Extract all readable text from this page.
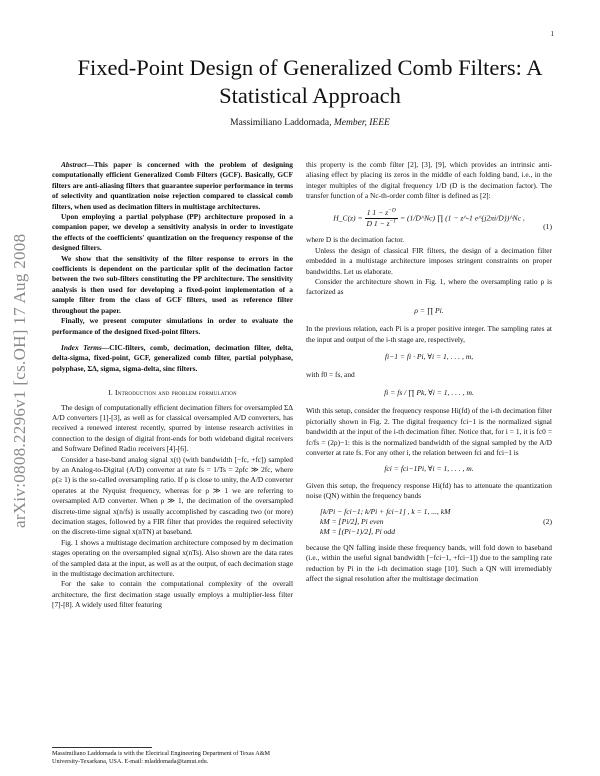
1
arXiv:0808.2296v1 [cs.OH] 17 Aug 2008
Fixed-Point Design of Generalized Comb Filters: A Statistical Approach
Massimiliano Laddomada, Member, IEEE

Abstract—This paper is concerned with the problem of designing computationally efficient Generalized Comb Filters (GCF). Basically, GCF filters are anti-aliasing filters that guarantee superior performance in terms of selectivity and quantization noise rejection compared to classical comb filters, when used as decimation filters in multistage architectures.

Upon employing a partial polyphase (PP) architecture proposed in a companion paper, we develop a sensitivity analysis in order to investigate the effects of the coefficients' quantization on the frequency response of the designed filters.

We show that the sensitivity of the filter response to errors in the coefficients is dependent on the particular split of the decimation factor between the two sub-filters constituting the PP architecture. The sensitivity analysis is then used for developing a fixed-point implementation of a sample filter from the class of GCF filters, used as reference filter throughout the paper.

Finally, we present computer simulations in order to evaluate the performance of the designed fixed-point filters.

Index Terms—CIC-filters, comb, decimation, decimation filter, delta, delta-sigma, fixed-point, GCF, generalized comb filter, partial polyphase, polyphase, ΣΔ, sigma, sigma-delta, sinc filters.

I. Introduction and problem formulation

The design of computationally efficient decimation filters for oversampled ΣΔ A/D converters [1]-[3], as well as for classical oversampled A/D converters, has received a renewed interest recently, spurred by intense research activities in connection to the design of digital front-ends for both wideband digital receivers and Software Defined Radio receivers [4]-[6].

Consider a base-band analog signal x(t) (with bandwidth [−fc, +fc]) sampled by an Analog-to-Digital (A/D) converter at rate fs = 1/Ts = 2ρfc ≫ 2fc, where ρ(≥ 1) is the so-called oversampling ratio. If ρ is close to unity, the A/D converter operates at the Nyquist frequency, whereas for ρ ≫ 1 we are referring to oversampled A/D converter. When ρ ≫ 1, the decimation of the oversampled discrete-time signal x(n/fs) is usually accomplished by cascading two (or more) decimation stages, followed by a FIR filter that provides the required selectivity on the discrete-time signal x(nTN) at baseband.

Fig. 1 shows a multistage decimation architecture composed by m decimation stages operating on the oversampled signal x(nTs). Also shown are the data rates of the sampled data at the input, as well as at the output, of each decimation stage in the multistage decimation architecture.

For the sake to contain the computational complexity of the overall architecture, the first decimation stage usually employs a multiplier-less filter [7]-[8]. A widely used filter featuring

Massimiliano Laddomada is with the Electrical Engineering Department of Texas A&M University-Texarkana, USA. E-mail: mladdomada@tamut.edu.

this property is the comb filter [2], [3], [9], which provides an intrinsic anti-aliasing effect by placing its zeros in the middle of each folding band, i.e., in the integer multiples of the digital frequency 1/D (D is the decimation factor). The transfer function of a Nc-th-order comb filter is defined as [2]:

H_C(z) = $\frac{1 1 - z^{-D}}{D 1 - z^{-1}}$ = (1/D^Nc) ∏ (1 − z^-1 e^{j2πi/D})^Nc ,
(1)

where D is the decimation factor.

Unless the design of classical FIR filters, the design of a decimation filter embedded in a multistage architecture imposes stringent constraints on proper bandwidths. Let us elaborate.

Consider the architecture shown in Fig. 1, where the oversampling ratio ρ is factorized as

ρ = ∏ Pi.

In the previous relation, each Pi is a proper positive integer. The sampling rates at the input and output of the i-th stage are, respectively,

fi−1 = fi · Pi, ∀i = 1, . . . , m,

with f0 = fs, and

fi = fs / ∏ Pk, ∀i = 1, . . . , m.

With this setup, consider the frequency response Hi(fd) of the i-th decimation filter pictorially shown in Fig. 2. The digital frequency fci−1 is the normalized signal bandwidth at the input of the i-th decimation filter. Notice that, for i = 1, it is fc0 = fc/fs = (2ρ)−1: this is the normalized bandwidth of the signal sampled by the A/D converter at rate fs. For any other i, the relation between fci and fci−1 is

fci = fci−1Pi, ∀i = 1, . . . , m.

Given this setup, the frequency response Hi(fd) has to attenuate the quantization noise (QN) within the frequency bands

[k/Pi − fci−1; k/Pi + fci−1] , k = 1, ..., kM
kM = ⌊Pi/2⌋, Pi even
kM = ⌊(Pi−1)/2⌋, Pi odd
(2)

because the QN falling inside these frequency bands, will fold down to baseband (i.e., within the useful signal bandwidth [−fci−1, +fci−1]) due to the sampling rate reduction by Pi in the i-th decimation stage [10]. Such a QN will irremediably affect the signal resolution after the multistage decimation
